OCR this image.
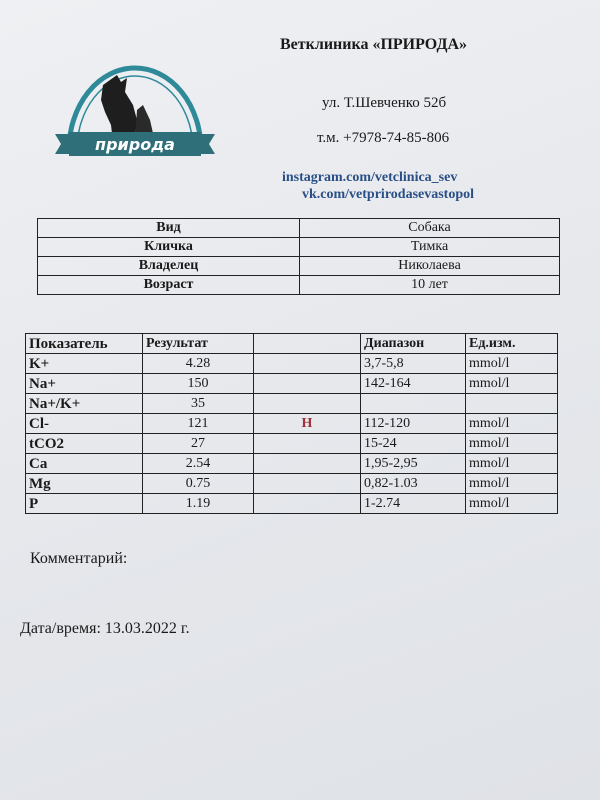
природа
Ветклиника «ПРИРОДА»
ул. Т.Шевченко 52б
т.м. +7978-74-85-806
instagram.com/vetclinica_sev
vk.com/vetprirodasevastopol
Вид	Собака
Кличка	Тимка
Владелец	Николаева
Возраст	10 лет
Показатель	Результат		Диапазон	Ед.изм.
K+	4.28		3,7-5,8	mmol/l
Na+	150		142-164	mmol/l
Na+/K+	35			
Cl-	121	H	112-120	mmol/l
tCO2	27		15-24	mmol/l
Ca	2.54		1,95-2,95	mmol/l
Mg	0.75		0,82-1.03	mmol/l
P	1.19		1-2.74	mmol/l
Комментарий:
Дата/время: 13.03.2022 г.
